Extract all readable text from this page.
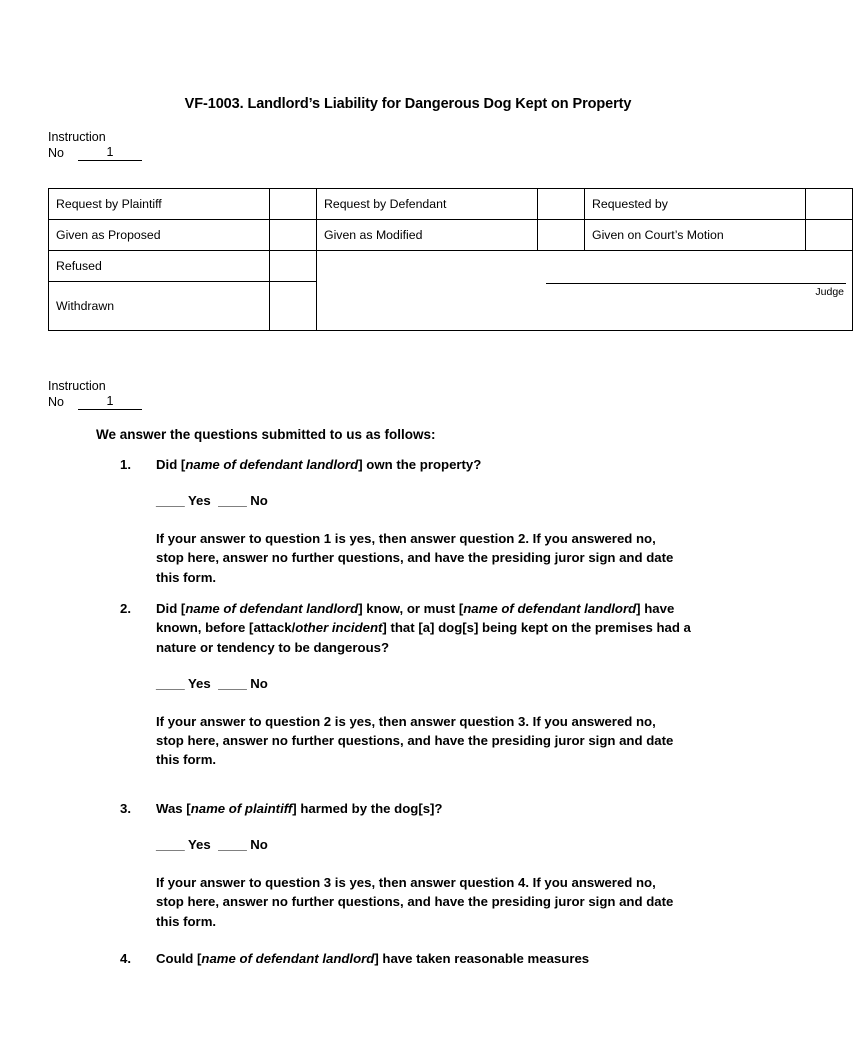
VF-1003. Landlord’s Liability for Dangerous Dog Kept on Property
Instruction
No	1
Request by Plaintiff		Request by Defendant		Requested by	
Given as Proposed		Given as Modified		Given on Court’s Motion	
Refused		Judge			

Withdrawn					
Instruction
No	1
We answer the questions submitted to us as follows:
1.	Did [name of defendant landlord] own the property?
____ Yes ____ No
If your answer to question 1 is yes, then answer question 2. If you answered no, stop here, answer no further questions, and have the presiding juror sign and date this form.
2.	Did [name of defendant landlord] know, or must [name of defendant landlord] have known, before [attack/other incident] that [a] dog[s] being kept on the premises had a nature or tendency to be dangerous?
____ Yes ____ No
If your answer to question 2 is yes, then answer question 3. If you answered no, stop here, answer no further questions, and have the presiding juror sign and date this form.
3.	Was [name of plaintiff] harmed by the dog[s]?
____ Yes ____ No
If your answer to question 3 is yes, then answer question 4. If you answered no, stop here, answer no further questions, and have the presiding juror sign and date this form.
4.	Could [name of defendant landlord] have taken reasonable measures
